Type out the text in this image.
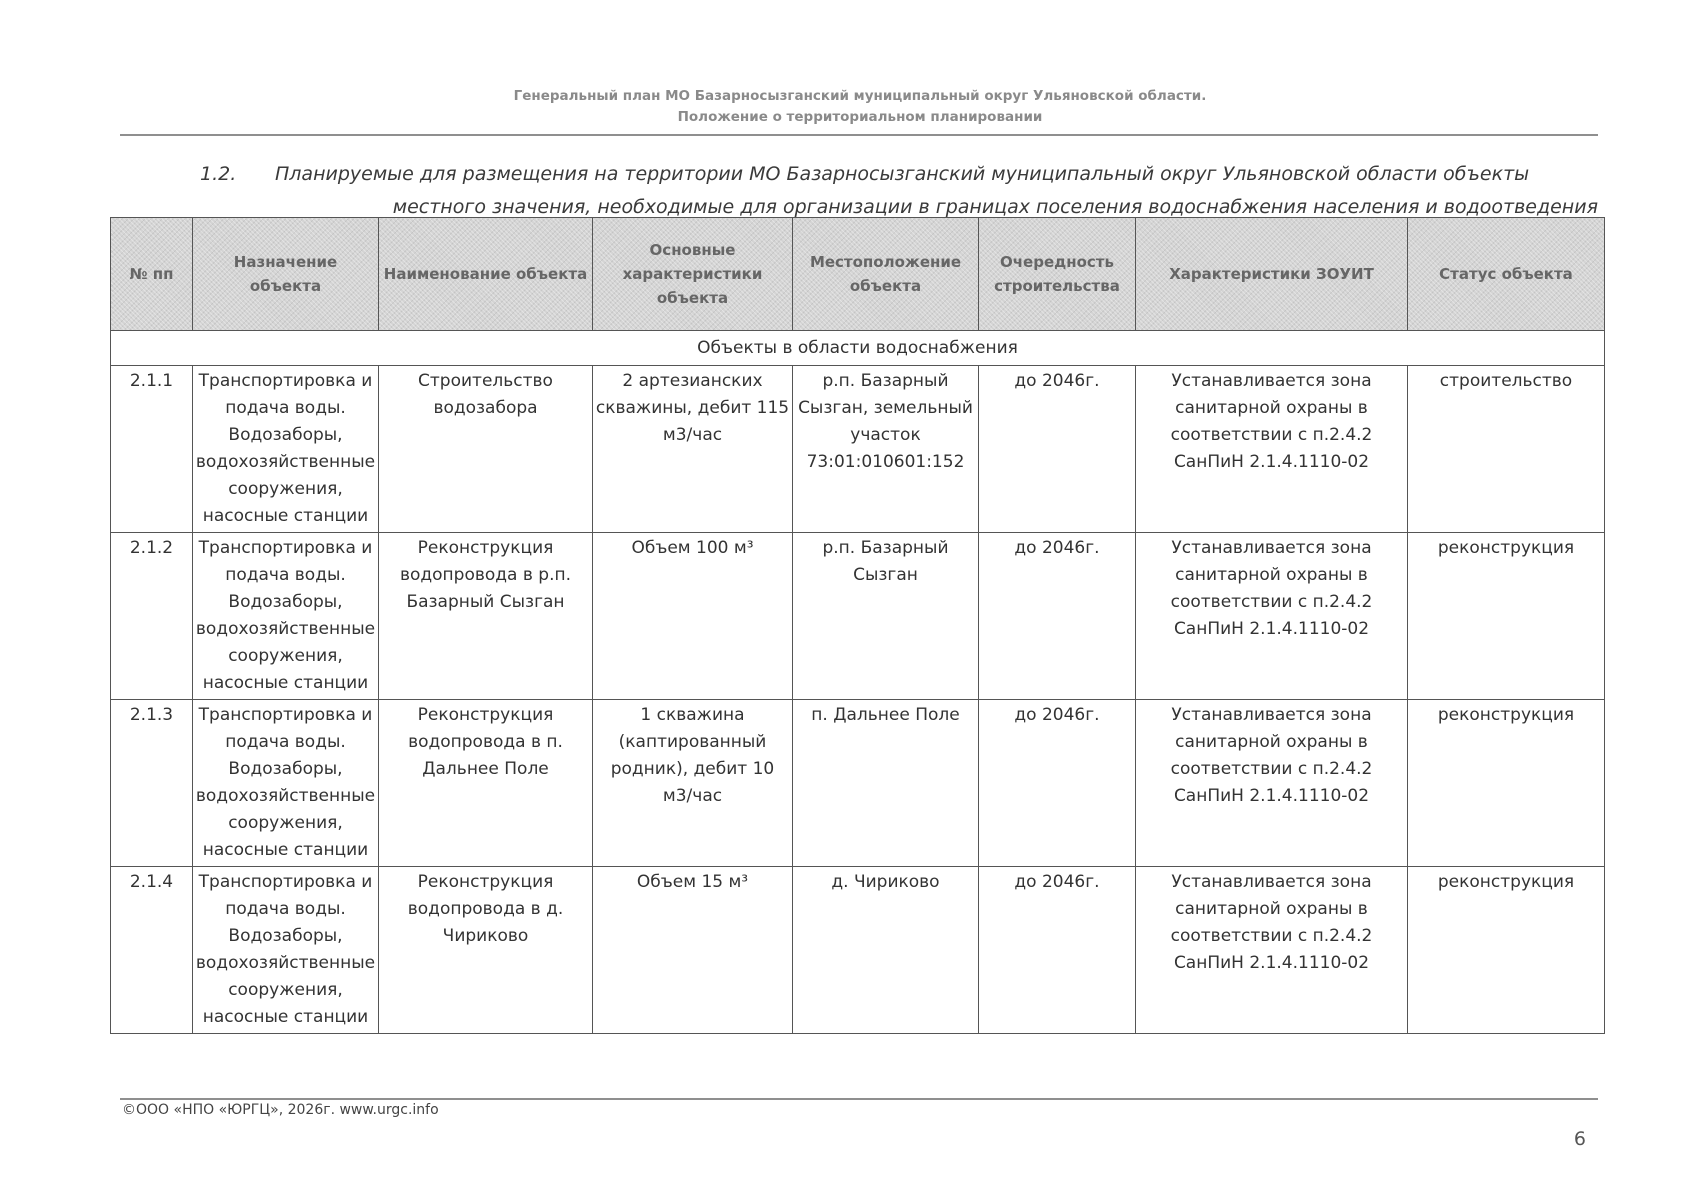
Генеральный план МО Базарносызганский муниципальный округ Ульяновской области.
Положение о территориальном планировании
1.2. Планируемые для размещения на территории МО Базарносызганский муниципальный округ Ульяновской области объекты
местного значения, необходимые для организации в границах поселения водоснабжения населения и водоотведения
№ пп	Назначение объекта	Наименование объекта	Основные характеристики объекта	Местоположение объекта	Очередность строительства	Характеристики ЗОУИТ	Статус объекта
Объекты в области водоснабжения							
2.1.1	Транспортировка и подача воды. Водозаборы, водохозяйственные сооружения, насосные станции	Строительство водозабора	2 артезианских скважины, дебит 115 м3/час	р.п. Базарный Сызган, земельный участок 73:01:010601:152	до 2046г.	Устанавливается зона санитарной охраны в соответствии с п.2.4.2 СанПиН 2.1.4.1110-02	строительство
2.1.2	Транспортировка и подача воды. Водозаборы, водохозяйственные сооружения, насосные станции	Реконструкция водопровода в р.п. Базарный Сызган	Объем 100 м³	р.п. Базарный Сызган	до 2046г.	Устанавливается зона санитарной охраны в соответствии с п.2.4.2 СанПиН 2.1.4.1110-02	реконструкция
2.1.3	Транспортировка и подача воды. Водозаборы, водохозяйственные сооружения, насосные станции	Реконструкция водопровода в п. Дальнее Поле	1 скважина (каптированный родник), дебит 10 м3/час	п. Дальнее Поле	до 2046г.	Устанавливается зона санитарной охраны в соответствии с п.2.4.2 СанПиН 2.1.4.1110-02	реконструкция
2.1.4	Транспортировка и подача воды. Водозаборы, водохозяйственные сооружения, насосные станции	Реконструкция водопровода в д. Чириково	Объем 15 м³	д. Чириково	до 2046г.	Устанавливается зона санитарной охраны в соответствии с п.2.4.2 СанПиН 2.1.4.1110-02	реконструкция
©ООО «НПО «ЮРГЦ», 2026г. www.urgc.info
6
